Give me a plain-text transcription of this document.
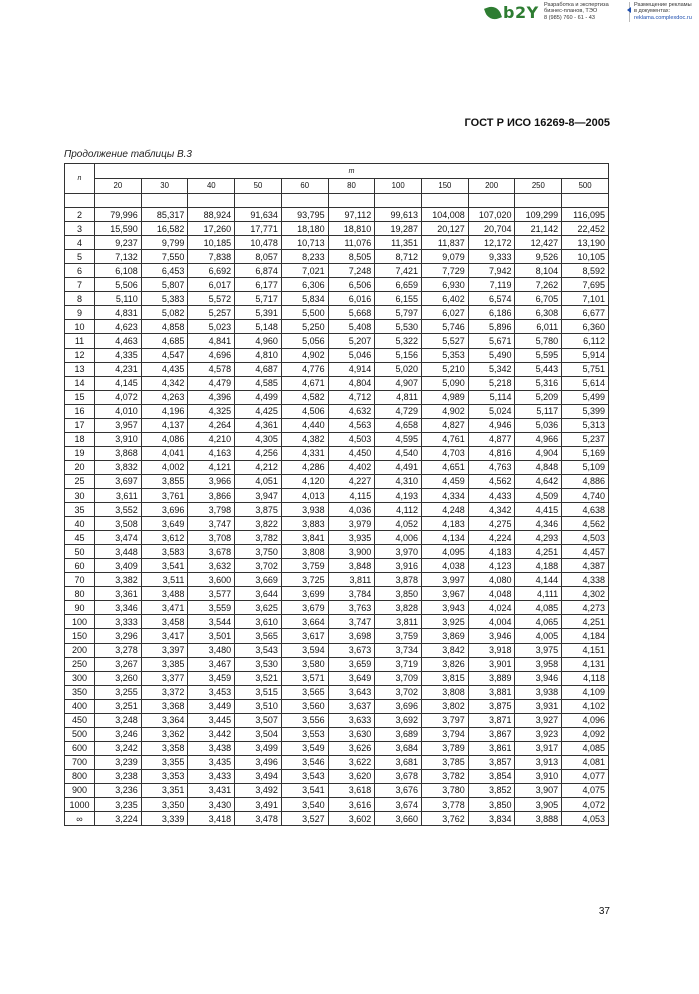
b2Y Разработка и экспертиза
бизнес-планов, ТЭО
8 (985) 760 - 61 - 43
Размещение рекламы
в документах:
reklama.complexdoc.ru
ГОСТ Р ИСО 16269-8—2005
Продолжение таблицы В.3
n	m										
	20	30	40	50	60	80	100	150	200	250	500

2	79,996	85,317	88,924	91,634	93,795	97,112	99,613	104,008	107,020	109,299	116,095
3	15,590	16,582	17,260	17,771	18,180	18,810	19,287	20,127	20,704	21,142	22,452
4	9,237	9,799	10,185	10,478	10,713	11,076	11,351	11,837	12,172	12,427	13,190
5	7,132	7,550	7,838	8,057	8,233	8,505	8,712	9,079	9,333	9,526	10,105
6	6,108	6,453	6,692	6,874	7,021	7,248	7,421	7,729	7,942	8,104	8,592
7	5,506	5,807	6,017	6,177	6,306	6,506	6,659	6,930	7,119	7,262	7,695
8	5,110	5,383	5,572	5,717	5,834	6,016	6,155	6,402	6,574	6,705	7,101
9	4,831	5,082	5,257	5,391	5,500	5,668	5,797	6,027	6,186	6,308	6,677
10	4,623	4,858	5,023	5,148	5,250	5,408	5,530	5,746	5,896	6,011	6,360
11	4,463	4,685	4,841	4,960	5,056	5,207	5,322	5,527	5,671	5,780	6,112
12	4,335	4,547	4,696	4,810	4,902	5,046	5,156	5,353	5,490	5,595	5,914
13	4,231	4,435	4,578	4,687	4,776	4,914	5,020	5,210	5,342	5,443	5,751
14	4,145	4,342	4,479	4,585	4,671	4,804	4,907	5,090	5,218	5,316	5,614
15	4,072	4,263	4,396	4,499	4,582	4,712	4,811	4,989	5,114	5,209	5,499
16	4,010	4,196	4,325	4,425	4,506	4,632	4,729	4,902	5,024	5,117	5,399
17	3,957	4,137	4,264	4,361	4,440	4,563	4,658	4,827	4,946	5,036	5,313
18	3,910	4,086	4,210	4,305	4,382	4,503	4,595	4,761	4,877	4,966	5,237
19	3,868	4,041	4,163	4,256	4,331	4,450	4,540	4,703	4,816	4,904	5,169
20	3,832	4,002	4,121	4,212	4,286	4,402	4,491	4,651	4,763	4,848	5,109
25	3,697	3,855	3,966	4,051	4,120	4,227	4,310	4,459	4,562	4,642	4,886
30	3,611	3,761	3,866	3,947	4,013	4,115	4,193	4,334	4,433	4,509	4,740
35	3,552	3,696	3,798	3,875	3,938	4,036	4,112	4,248	4,342	4,415	4,638
40	3,508	3,649	3,747	3,822	3,883	3,979	4,052	4,183	4,275	4,346	4,562
45	3,474	3,612	3,708	3,782	3,841	3,935	4,006	4,134	4,224	4,293	4,503
50	3,448	3,583	3,678	3,750	3,808	3,900	3,970	4,095	4,183	4,251	4,457
60	3,409	3,541	3,632	3,702	3,759	3,848	3,916	4,038	4,123	4,188	4,387
70	3,382	3,511	3,600	3,669	3,725	3,811	3,878	3,997	4,080	4,144	4,338
80	3,361	3,488	3,577	3,644	3,699	3,784	3,850	3,967	4,048	4,111	4,302
90	3,346	3,471	3,559	3,625	3,679	3,763	3,828	3,943	4,024	4,085	4,273
100	3,333	3,458	3,544	3,610	3,664	3,747	3,811	3,925	4,004	4,065	4,251
150	3,296	3,417	3,501	3,565	3,617	3,698	3,759	3,869	3,946	4,005	4,184
200	3,278	3,397	3,480	3,543	3,594	3,673	3,734	3,842	3,918	3,975	4,151
250	3,267	3,385	3,467	3,530	3,580	3,659	3,719	3,826	3,901	3,958	4,131
300	3,260	3,377	3,459	3,521	3,571	3,649	3,709	3,815	3,889	3,946	4,118
350	3,255	3,372	3,453	3,515	3,565	3,643	3,702	3,808	3,881	3,938	4,109
400	3,251	3,368	3,449	3,510	3,560	3,637	3,696	3,802	3,875	3,931	4,102
450	3,248	3,364	3,445	3,507	3,556	3,633	3,692	3,797	3,871	3,927	4,096
500	3,246	3,362	3,442	3,504	3,553	3,630	3,689	3,794	3,867	3,923	4,092
600	3,242	3,358	3,438	3,499	3,549	3,626	3,684	3,789	3,861	3,917	4,085
700	3,239	3,355	3,435	3,496	3,546	3,622	3,681	3,785	3,857	3,913	4,081
800	3,238	3,353	3,433	3,494	3,543	3,620	3,678	3,782	3,854	3,910	4,077
900	3,236	3,351	3,431	3,492	3,541	3,618	3,676	3,780	3,852	3,907	4,075
1000	3,235	3,350	3,430	3,491	3,540	3,616	3,674	3,778	3,850	3,905	4,072
∞	3,224	3,339	3,418	3,478	3,527	3,602	3,660	3,762	3,834	3,888	4,053
37
